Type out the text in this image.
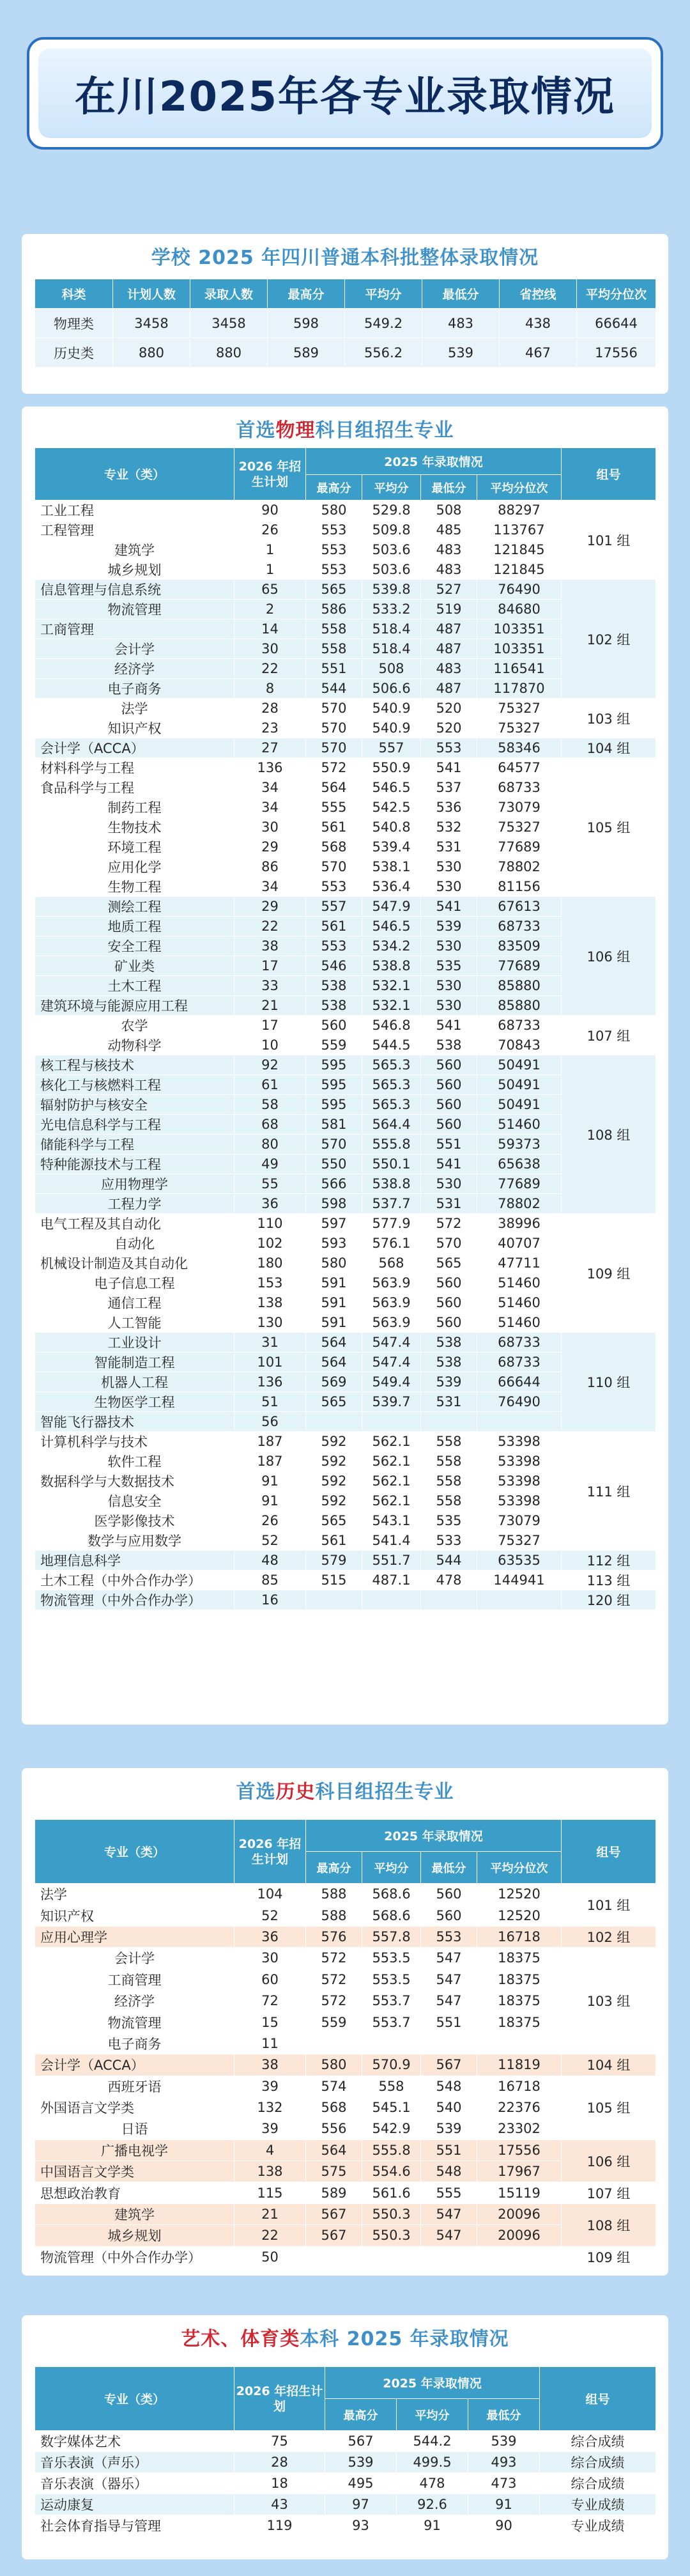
在川2025年各专业录取情况
学校 2025 年四川普通本科批整体录取情况
科类	计划人数	录取人数	最高分	平均分	最低分	省控线	平均分位次
物理类	3458	3458	598	549.2	483	438	66644
历史类	880	880	589	556.2	539	467	17556
首选 物理 科目组招生专业
专业（类）	2026 年招生计划	2025 年录取情况				组号
		最高分	平均分	最低分	平均分位次	
工业工程	90	580	529.8	508	88297	101 组
工程管理	26	553	509.8	485	113767	
建筑学	1	553	503.6	483	121845	
城乡规划	1	553	503.6	483	121845	
信息管理与信息系统	65	565	539.8	527	76490	102 组
物流管理	2	586	533.2	519	84680	
工商管理	14	558	518.4	487	103351	
会计学	30	558	518.4	487	103351	
经济学	22	551	508	483	116541	
电子商务	8	544	506.6	487	117870	
法学	28	570	540.9	520	75327	103 组
知识产权	23	570	540.9	520	75327	
会计学（ACCA）	27	570	557	553	58346	104 组
材料科学与工程	136	572	550.9	541	64577	105 组
食品科学与工程	34	564	546.5	537	68733	
制药工程	34	555	542.5	536	73079	
生物技术	30	561	540.8	532	75327	
环境工程	29	568	539.4	531	77689	
应用化学	86	570	538.1	530	78802	
生物工程	34	553	536.4	530	81156	
测绘工程	29	557	547.9	541	67613	106 组
地质工程	22	561	546.5	539	68733	
安全工程	38	553	534.2	530	83509	
矿业类	17	546	538.8	535	77689	
土木工程	33	538	532.1	530	85880	
建筑环境与能源应用工程	21	538	532.1	530	85880	
农学	17	560	546.8	541	68733	107 组
动物科学	10	559	544.5	538	70843	
核工程与核技术	92	595	565.3	560	50491	108 组
核化工与核燃料工程	61	595	565.3	560	50491	
辐射防护与核安全	58	595	565.3	560	50491	
光电信息科学与工程	68	581	564.4	560	51460	
储能科学与工程	80	570	555.8	551	59373	
特种能源技术与工程	49	550	550.1	541	65638	
应用物理学	55	566	538.8	530	77689	
工程力学	36	598	537.7	531	78802	
电气工程及其自动化	110	597	577.9	572	38996	109 组
自动化	102	593	576.1	570	40707	
机械设计制造及其自动化	180	580	568	565	47711	
电子信息工程	153	591	563.9	560	51460	
通信工程	138	591	563.9	560	51460	
人工智能	130	591	563.9	560	51460	
工业设计	31	564	547.4	538	68733	110 组
智能制造工程	101	564	547.4	538	68733	
机器人工程	136	569	549.4	539	66644	
生物医学工程	51	565	539.7	531	76490	
智能飞行器技术	56					
计算机科学与技术	187	592	562.1	558	53398	111 组
软件工程	187	592	562.1	558	53398	
数据科学与大数据技术	91	592	562.1	558	53398	
信息安全	91	592	562.1	558	53398	
医学影像技术	26	565	543.1	535	73079	
数学与应用数学	52	561	541.4	533	75327	
地理信息科学	48	579	551.7	544	63535	112 组
土木工程（中外合作办学）	85	515	487.1	478	144941	113 组
物流管理（中外合作办学）	16					120 组
首选 历史 科目组招生专业
专业（类）	2026 年招生计划	2025 年录取情况				组号
		最高分	平均分	最低分	平均分位次	
法学	104	588	568.6	560	12520	101 组
知识产权	52	588	568.6	560	12520	
应用心理学	36	576	557.8	553	16718	102 组
会计学	30	572	553.5	547	18375	103 组
工商管理	60	572	553.5	547	18375	
经济学	72	572	553.7	547	18375	
物流管理	15	559	553.7	551	18375	
电子商务	11					
会计学（ACCA）	38	580	570.9	567	11819	104 组
西班牙语	39	574	558	548	16718	105 组
外国语言文学类	132	568	545.1	540	22376	
日语	39	556	542.9	539	23302	
广播电视学	4	564	555.8	551	17556	106 组
中国语言文学类	138	575	554.6	548	17967	
思想政治教育	115	589	561.6	555	15119	107 组
建筑学	21	567	550.3	547	20096	108 组
城乡规划	22	567	550.3	547	20096	
物流管理（中外合作办学）	50					109 组
艺术、体育类 本科 2025 年录取情况
专业（类）	2026 年招生计划	2025 年录取情况			组号
		最高分	平均分	最低分	
数字媒体艺术	75	567	544.2	539	综合成绩
音乐表演（声乐）	28	539	499.5	493	综合成绩
音乐表演（器乐）	18	495	478	473	综合成绩
运动康复	43	97	92.6	91	专业成绩
社会体育指导与管理	119	93	91	90	专业成绩
